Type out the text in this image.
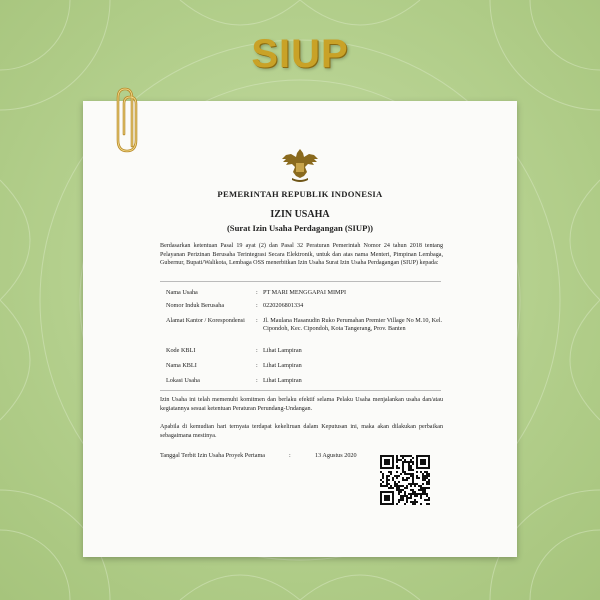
SIUP
PEMERINTAH REPUBLIK INDONESIA
IZIN USAHA
(Surat Izin Usaha Perdagangan (SIUP))
Berdasarkan ketentuan Pasal 19 ayat (2) dan Pasal 32 Peraturan Pemerintah Nomor 24 tahun 2018 tentang Pelayanan Perizinan Berusaha Terintegrasi Secara Elektronik, untuk dan atas nama Menteri, Pimpinan Lembaga, Gubernur, Bupati/Walikota, Lembaga OSS menerbitkan Izin Usaha Surat Izin Usaha Perdagangan (SIUP) kepada:
Nama Usaha	: PT MARI MENGGAPAI MIMPI
Nomor Induk Berusaha	: 0220206801334
Alamat Kantor / Korespondensi	: Jl. Maulana Hasanudin Ruko Perumahan Premier Village No M.10, Kel. Cipondoh, Kec. Cipondoh, Kota Tangerang, Prov. Banten
Kode KBLI	: Lihat Lampiran
Nama KBLI	: Lihat Lampiran
Lokasi Usaha	: Lihat Lampiran
Izin Usaha ini telah memenuhi komitmen dan berlaku efektif selama Pelaku Usaha menjalankan usaha dan/atau kegiatannya sesuai ketentuan Peraturan Perundang-Undangan.
Apabila di kemudian hari ternyata terdapat kekeliruan dalam Keputusan ini, maka akan dilakukan perbaikan sebagaimana mestinya.
Tanggal Terbit Izin Usaha Proyek Pertama	:	13 Agustus 2020
